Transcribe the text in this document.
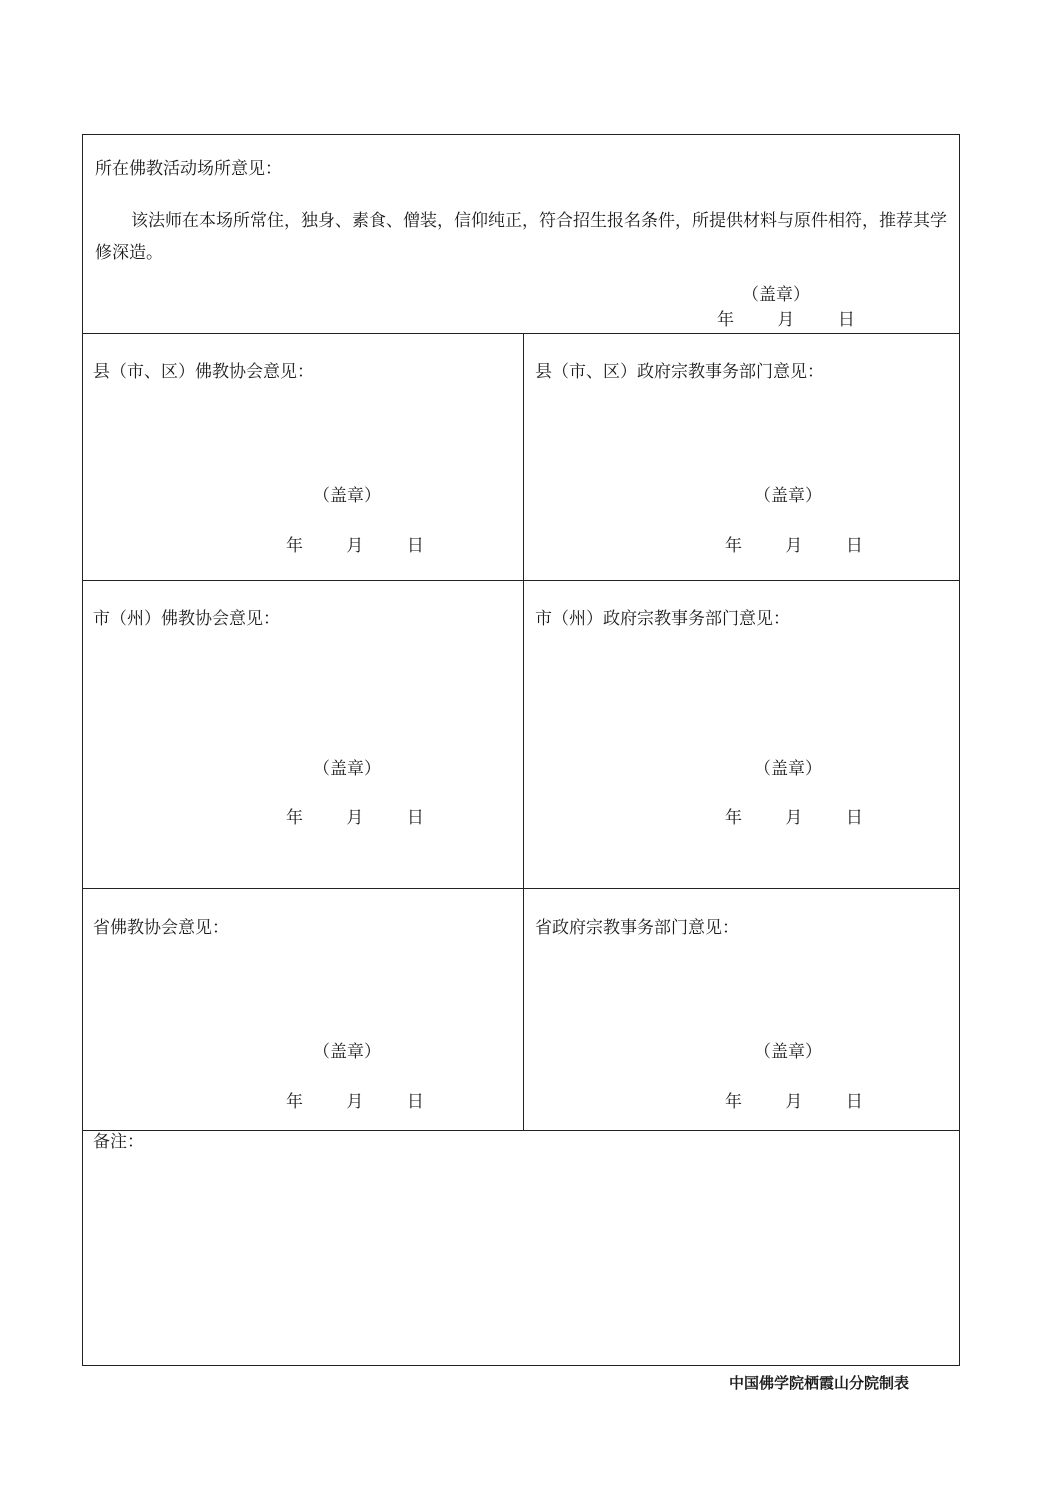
所在佛教活动场所意见：
该法师在本场所常住，独身、素食、僧装，信仰纯正，符合招生报名条件，所提供材料与原件相符，推荐其学修深造。
（盖章）
年	月	日
县（市、区）佛教协会意见：
（盖章）
年	月	日
县（市、区）政府宗教事务部门意见：
（盖章）
年	月	日
市（州）佛教协会意见：
（盖章）
年	月	日
市（州）政府宗教事务部门意见：
（盖章）
年	月	日
省佛教协会意见：
（盖章）
年	月	日
省政府宗教事务部门意见：
（盖章）
年	月	日
备注：
中国佛学院栖霞山分院制表
